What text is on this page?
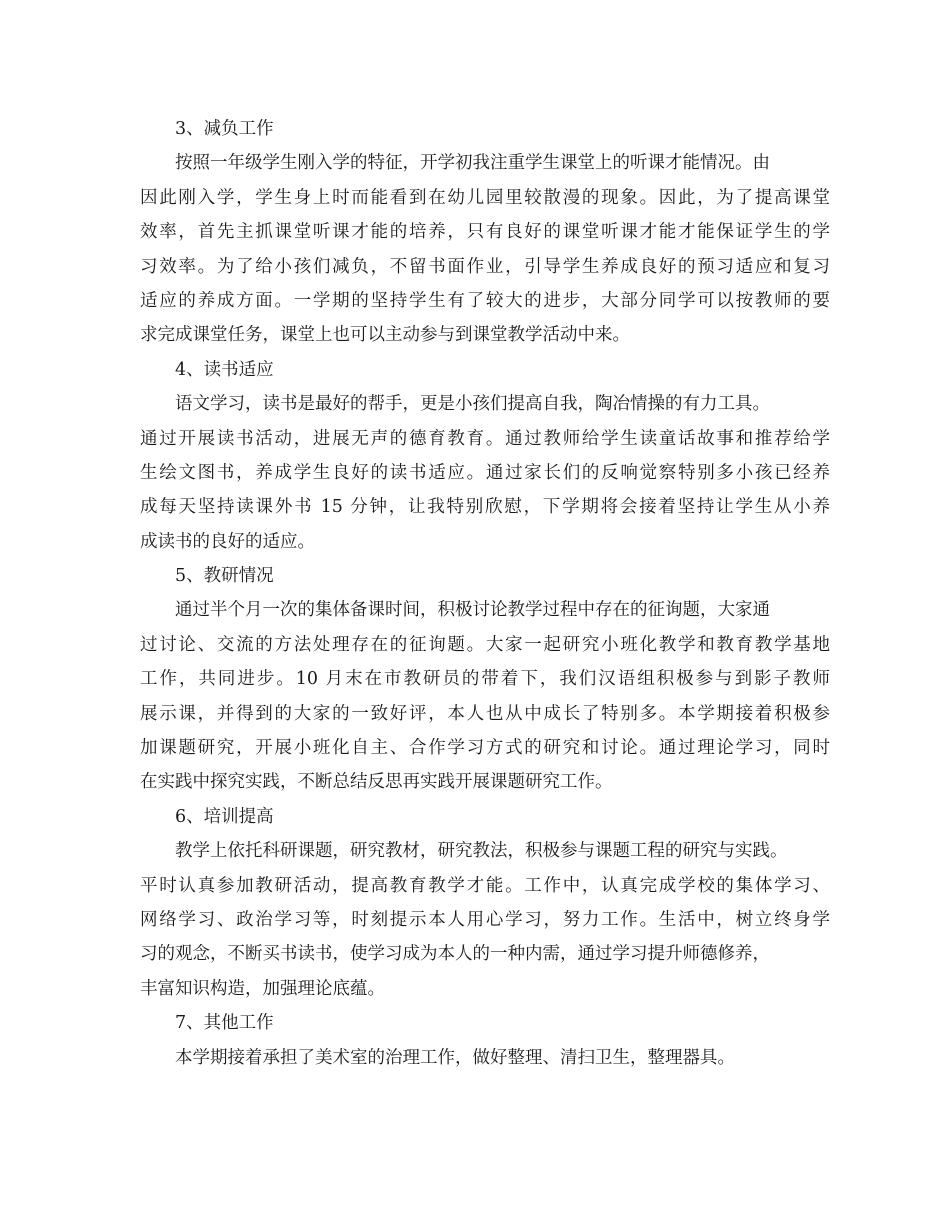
3、减负工作
按照一年级学生刚入学的特征，开学初我注重学生课堂上的听课才能情况。由
因此刚入学，学生身上时而能看到在幼儿园里较散漫的现象。因此，为了提高课堂
效率，首先主抓课堂听课才能的培养，只有良好的课堂听课才能才能保证学生的学
习效率。为了给小孩们减负，不留书面作业，引导学生养成良好的预习适应和复习
适应的养成方面。一学期的坚持学生有了较大的进步，大部分同学可以按教师的要
求完成课堂任务，课堂上也可以主动参与到课堂教学活动中来。
4、读书适应
语文学习，读书是最好的帮手，更是小孩们提高自我，陶冶情操的有力工具。
通过开展读书活动，进展无声的德育教育。通过教师给学生读童话故事和推荐给学
生绘文图书，养成学生良好的读书适应。通过家长们的反响觉察特别多小孩已经养
成每天坚持读课外书 15 分钟，让我特别欣慰，下学期将会接着坚持让学生从小养
成读书的良好的适应。
5、教研情况
通过半个月一次的集体备课时间，积极讨论教学过程中存在的征询题，大家通
过讨论、交流的方法处理存在的征询题。大家一起研究小班化教学和教育教学基地
工作，共同进步。10 月末在市教研员的带着下，我们汉语组积极参与到影子教师
展示课，并得到的大家的一致好评，本人也从中成长了特别多。本学期接着积极参
加课题研究，开展小班化自主、合作学习方式的研究和讨论。通过理论学习，同时
在实践中探究实践，不断总结反思再实践开展课题研究工作。
6、培训提高
教学上依托科研课题，研究教材，研究教法，积极参与课题工程的研究与实践。
平时认真参加教研活动，提高教育教学才能。工作中，认真完成学校的集体学习、
网络学习、政治学习等，时刻提示本人用心学习，努力工作。生活中，树立终身学
习的观念，不断买书读书，使学习成为本人的一种内需，通过学习提升师德修养，
丰富知识构造，加强理论底蕴。
7、其他工作
本学期接着承担了美术室的治理工作，做好整理、清扫卫生，整理器具。
